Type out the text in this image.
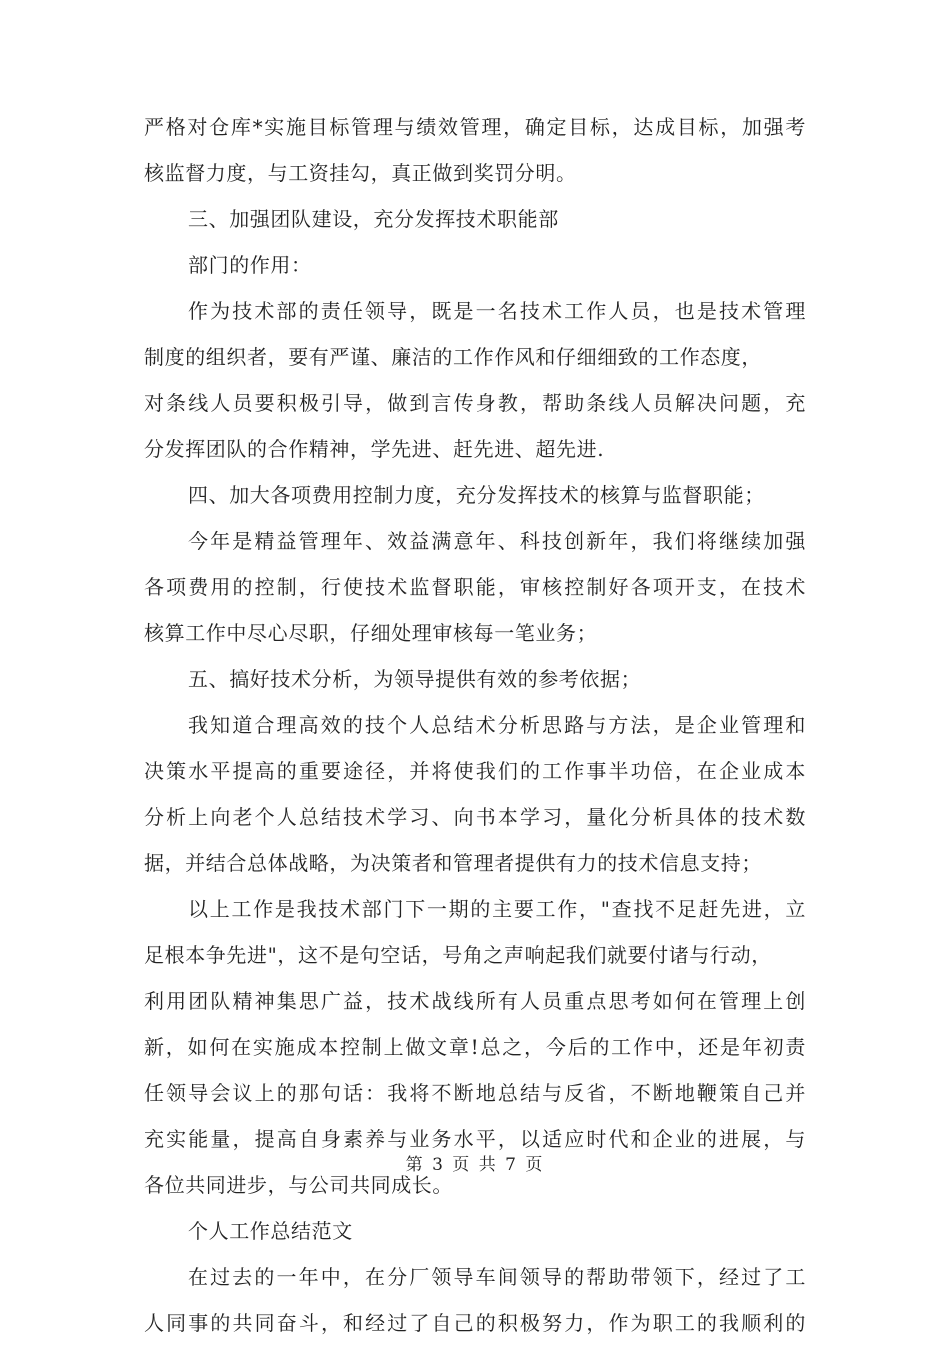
严格对仓库*实施目标管理与绩效管理，确定目标，达成目标，加强考
核监督力度，与工资挂勾，真正做到奖罚分明。
三、加强团队建设，充分发挥技术职能部
部门的作用：
作为技术部的责任领导，既是一名技术工作人员，也是技术管理
制度的组织者，要有严谨、廉洁的工作作风和仔细细致的工作态度，
对条线人员要积极引导，做到言传身教，帮助条线人员解决问题，充
分发挥团队的合作精神，学先进、赶先进、超先进.
四、加大各项费用控制力度，充分发挥技术的核算与监督职能；
今年是精益管理年、效益满意年、科技创新年，我们将继续加强
各项费用的控制，行使技术监督职能，审核控制好各项开支，在技术
核算工作中尽心尽职，仔细处理审核每一笔业务；
五、搞好技术分析，为领导提供有效的参考依据；
我知道合理高效的技个人总结术分析思路与方法，是企业管理和
决策水平提高的重要途径，并将使我们的工作事半功倍，在企业成本
分析上向老个人总结技术学习、向书本学习，量化分析具体的技术数
据，并结合总体战略，为决策者和管理者提供有力的技术信息支持；
以上工作是我技术部门下一期的主要工作，"查找不足赶先进，立
足根本争先进"，这不是句空话，号角之声响起我们就要付诸与行动，
利用团队精神集思广益，技术战线所有人员重点思考如何在管理上创
新，如何在实施成本控制上做文章!总之，今后的工作中，还是年初责
任领导会议上的那句话：我将不断地总结与反省，不断地鞭策自己并
充实能量，提高自身素养与业务水平，以适应时代和企业的进展，与
各位共同进步，与公司共同成长。
个人工作总结范文
在过去的一年中，在分厂领导车间领导的帮助带领下，经过了工
人同事的共同奋斗，和经过了自己的积极努力，作为职工的我顺利的
第 3 页 共 7 页
